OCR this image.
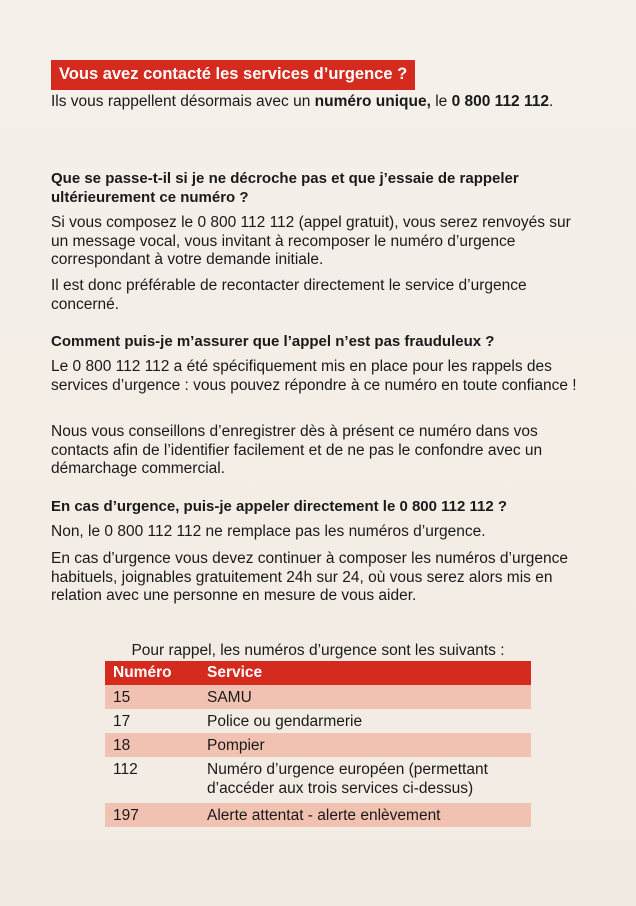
Vous avez contacté les services d’urgence ?
Ils vous rappellent désormais avec un numéro unique, le 0 800 112 112.
Que se passe-t-il si je ne décroche pas et que j’essaie de rappeler ultérieurement ce numéro ?
Si vous composez le 0 800 112 112 (appel gratuit), vous serez renvoyés sur un message vocal, vous invitant à recomposer le numéro d’urgence correspondant à votre demande initiale.
Il est donc préférable de recontacter directement le service d’urgence concerné.
Comment puis-je m’assurer que l’appel n’est pas frauduleux ?
Le 0 800 112 112 a été spécifiquement mis en place pour les rappels des services d’urgence : vous pouvez répondre à ce numéro en toute confiance !
Nous vous conseillons d’enregistrer dès à présent ce numéro dans vos contacts afin de l’identifier facilement et de ne pas le confondre avec un démarchage commercial.
En cas d’urgence, puis-je appeler directement le 0 800 112 112 ?
Non, le 0 800 112 112 ne remplace pas les numéros d’urgence.
En cas d’urgence vous devez continuer à composer les numéros d’urgence habituels, joignables gratuitement 24h sur 24, où vous serez alors mis en relation avec une personne en mesure de vous aider.
Pour rappel, les numéros d’urgence sont les suivants :
Numéro	Service
15	SAMU
17	Police ou gendarmerie
18	Pompier
112	Numéro d’urgence européen (permettant d’accéder aux trois services ci-dessus)
197	Alerte attentat - alerte enlèvement
